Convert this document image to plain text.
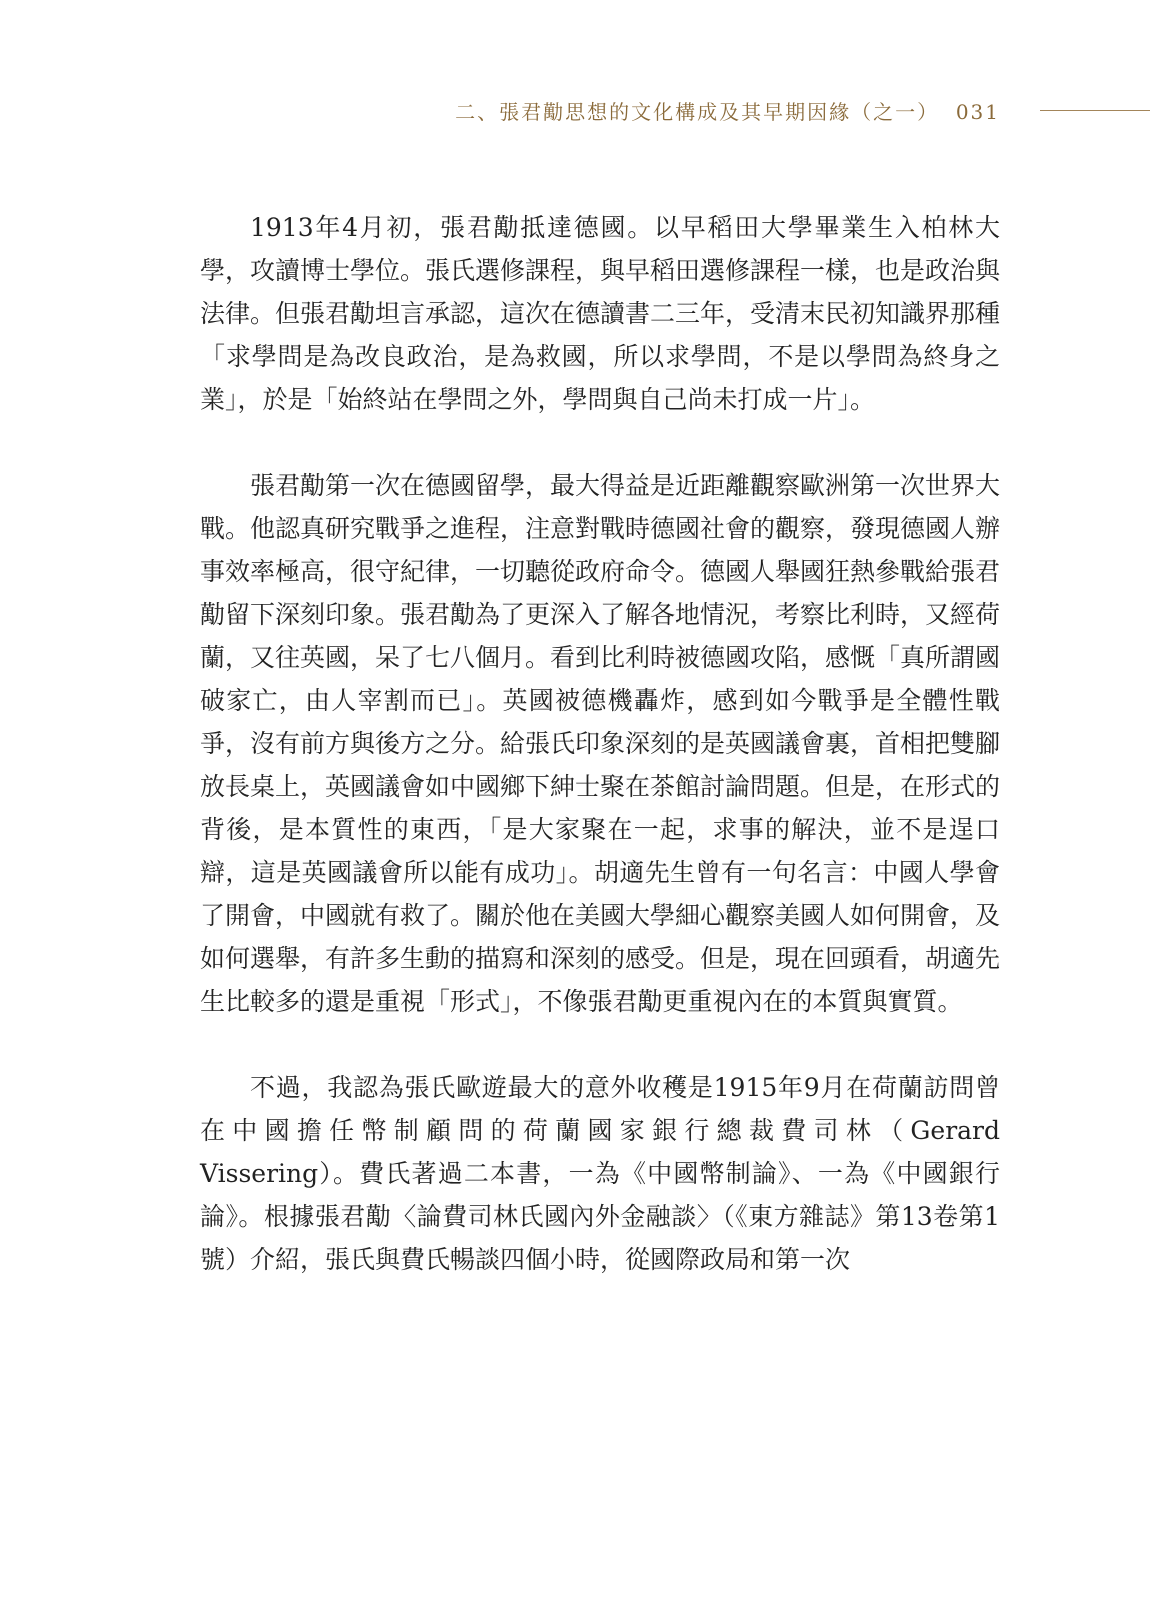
二、張君勱思想的文化構成及其早期因緣（之一） 031

1913年4月初，張君勱抵達德國。以早稻田大學畢業生入柏林大學，攻讀博士學位。張氏選修課程，與早稻田選修課程一樣，也是政治與法律。但張君勱坦言承認，這次在德讀書二三年，受清末民初知識界那種「求學問是為改良政治，是為救國，所以求學問，不是以學問為終身之業」，於是「始終站在學問之外，學問與自己尚未打成一片」。

張君勱第一次在德國留學，最大得益是近距離觀察歐洲第一次世界大戰。他認真研究戰爭之進程，注意對戰時德國社會的觀察，發現德國人辦事效率極高，很守紀律，一切聽從政府命令。德國人舉國狂熱參戰給張君勱留下深刻印象。張君勱為了更深入了解各地情況，考察比利時，又經荷蘭，又往英國，呆了七八個月。看到比利時被德國攻陷，感慨「真所謂國破家亡，由人宰割而已」。英國被德機轟炸，感到如今戰爭是全體性戰爭，沒有前方與後方之分。給張氏印象深刻的是英國議會裏，首相把雙腳放長桌上，英國議會如中國鄉下紳士聚在茶館討論問題。但是，在形式的背後，是本質性的東西，「是大家聚在一起，求事的解決，並不是逞口辯，這是英國議會所以能有成功」。胡適先生曾有一句名言：中國人學會了開會，中國就有救了。關於他在美國大學細心觀察美國人如何開會，及如何選舉，有許多生動的描寫和深刻的感受。但是，現在回頭看，胡適先生比較多的還是重視「形式」，不像張君勱更重視內在的本質與實質。

不過，我認為張氏歐遊最大的意外收穫是1915年9月在荷蘭訪問曾在中國擔任幣制顧問的荷蘭國家銀行總裁費司林（Gerard Vissering）。費氏著過二本書，一為《中國幣制論》、一為《中國銀行論》。根據張君勱〈論費司林氏國內外金融談〉（《東方雜誌》第13卷第1號）介紹，張氏與費氏暢談四個小時，從國際政局和第一次
